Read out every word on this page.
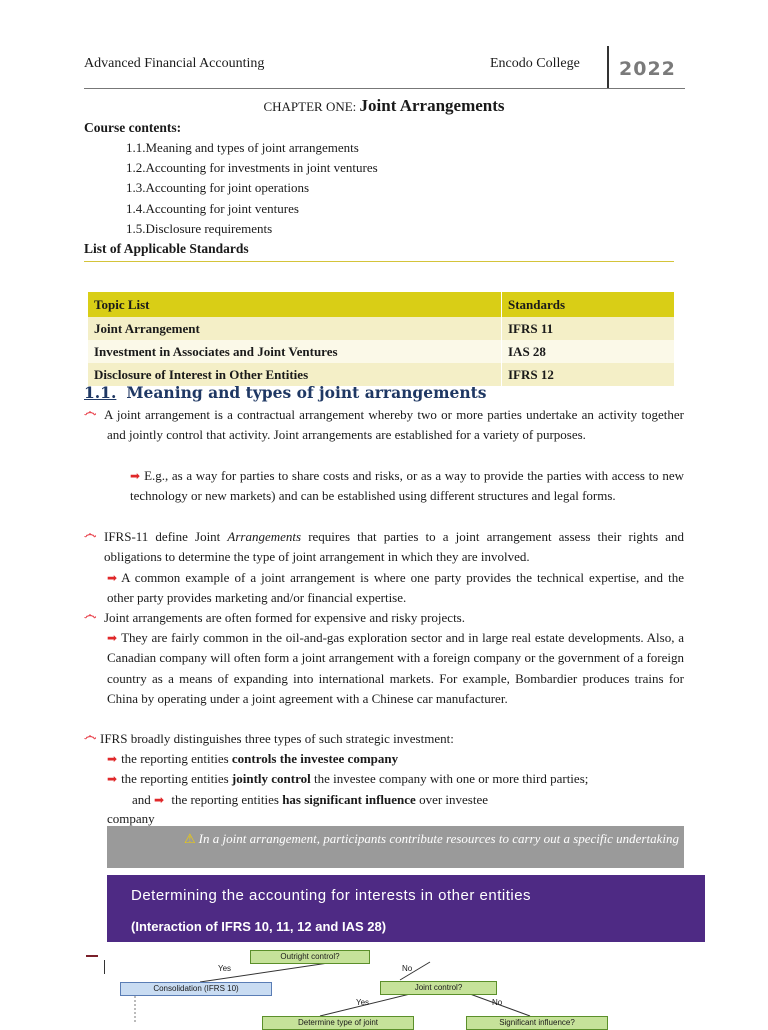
Advanced Financial Accounting	Encodo College 2022
CHAPTER ONE: Joint Arrangements
Course contents:
1.1.Meaning and types of joint arrangements
1.2.Accounting for investments in joint ventures
1.3.Accounting for joint operations
1.4.Accounting for joint ventures
1.5.Disclosure requirements
List of Applicable Standards
Topic List	Standards
Joint Arrangement	IFRS 11
Investment in Associates and Joint Ventures	IAS 28
Disclosure of Interest in Other Entities	IFRS 12
1.1. Meaning and types of joint arrangements
෴ A joint arrangement is a contractual arrangement whereby two or more parties undertake an activity together and jointly control that activity. Joint arrangements are established for a variety of purposes.
➡ E.g., as a way for parties to share costs and risks, or as a way to provide the parties with access to new technology or new markets) and can be established using different structures and legal forms.
෴ IFRS-11 define Joint Arrangements requires that parties to a joint arrangement assess their rights and obligations to determine the type of joint arrangement in which they are involved.
➡ A common example of a joint arrangement is where one party provides the technical expertise, and the other party provides marketing and/or financial expertise.
෴ Joint arrangements are often formed for expensive and risky projects.
➡ They are fairly common in the oil-and-gas exploration sector and in large real estate developments. Also, a Canadian company will often form a joint arrangement with a foreign company or the government of a foreign country as a means of expanding into international markets. For example, Bombardier produces trains for China by operating under a joint agreement with a Chinese car manufacturer.
෴ IFRS broadly distinguishes three types of such strategic investment:
➡ the reporting entities controls the investee company
➡ the reporting entities jointly control the investee company with one or more third parties;
and ➡ the reporting entities has significant influence over investee
company
⚠ In a joint arrangement, participants contribute resources to carry out a specific undertaking
Determining the accounting for interests in other entities
(Interaction of IFRS 10, 11, 12 and IAS 28)
Outright control?
Yes	No
Consolidation (IFRS 10)	Joint control?
Yes	No
Determine type of joint	Significant influence?
